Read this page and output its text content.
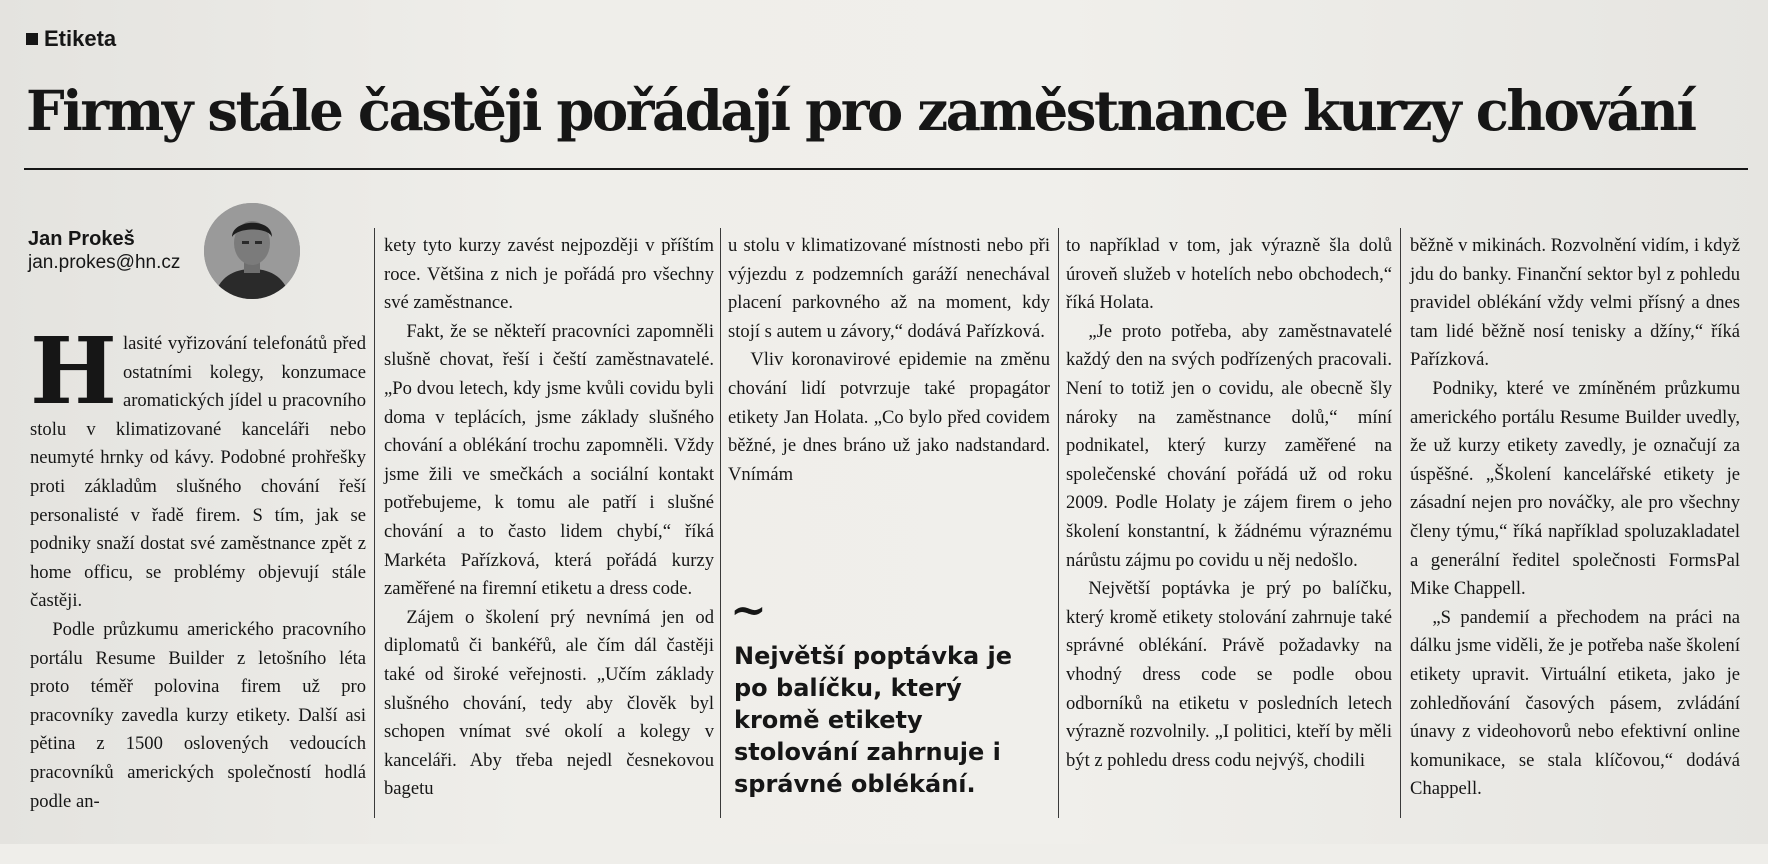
Etiketa
Firmy stále častěji pořádají pro zaměstnance kurzy chování
Jan Prokeš
jan.prokes@hn.cz

Hlasité vyřizování telefonátů před ostatními kolegy, konzumace aromatických jídel u pracovního stolu v klimatizované kanceláři nebo neumyté hrnky od kávy. Podobné prohřešky proti základům slušného chování řeší personalisté v řadě firem. S tím, jak se podniky snaží dostat své zaměstnance zpět z home officu, se problémy objevují stále častěji.

Podle průzkumu amerického pracovního portálu Resume Builder z letošního léta proto téměř polovina firem už pro pracovníky zavedla kurzy etikety. Další asi pětina z 1500 oslovených vedoucích pracovníků amerických společností hodlá podle an-

kety tyto kurzy zavést nejpozději v příštím roce. Většina z nich je pořádá pro všechny své zaměstnance.

Fakt, že se někteří pracovníci zapomněli slušně chovat, řeší i čeští zaměstnavatelé. „Po dvou letech, kdy jsme kvůli covidu byli doma v teplácích, jsme základy slušného chování a oblékání trochu zapomněli. Vždy jsme žili ve smečkách a sociální kontakt potřebujeme, k tomu ale patří i slušné chování a to často lidem chybí,“ říká Markéta Pařízková, která pořádá kurzy zaměřené na firemní etiketu a dress code.

Zájem o školení prý nevnímá jen od diplomatů či bankéřů, ale čím dál častěji také od široké veřejnosti. „Učím základy slušného chování, tedy aby člověk byl schopen vnímat své okolí a kolegy v kanceláři. Aby třeba nejedl česnekovou bagetu

u stolu v klimatizované místnosti nebo při výjezdu z podzemních garáží nenechával placení parkovného až na moment, kdy stojí s autem u závory,“ dodává Pařízková.

Vliv koronavirové epidemie na změnu chování lidí potvrzuje také propagátor etikety Jan Holata. „Co bylo před covidem běžné, je dnes bráno už jako nadstandard. Vnímám

~

Největší poptávka je po balíčku, který kromě etikety stolování zahrnuje i správné oblékání.

to například v tom, jak výrazně šla dolů úroveň služeb v hotelích nebo obchodech,“ říká Holata.

„Je proto potřeba, aby zaměstnavatelé každý den na svých podřízených pracovali. Není to totiž jen o covidu, ale obecně šly nároky na zaměstnance dolů,“ míní podnikatel, který kurzy zaměřené na společenské chování pořádá už od roku 2009. Podle Holaty je zájem firem o jeho školení konstantní, k žádnému výraznému nárůstu zájmu po covidu u něj nedošlo.

Největší poptávka je prý po balíčku, který kromě etikety stolování zahrnuje také správné oblékání. Právě požadavky na vhodný dress code se podle obou odborníků na etiketu v posledních letech výrazně rozvolnily. „I politici, kteří by měli být z pohledu dress codu nejvýš, chodili

běžně v mikinách. Rozvolnění vidím, i když jdu do banky. Finanční sektor byl z pohledu pravidel oblékání vždy velmi přísný a dnes tam lidé běžně nosí tenisky a džíny,“ říká Pařízková.

Podniky, které ve zmíněném průzkumu amerického portálu Resume Builder uvedly, že už kurzy etikety zavedly, je označují za úspěšné. „Školení kancelářské etikety je zásadní nejen pro nováčky, ale pro všechny členy týmu,“ říká například spoluzakladatel a generální ředitel společnosti FormsPal Mike Chappell.

„S pandemií a přechodem na práci na dálku jsme viděli, že je potřeba naše školení etikety upravit. Virtuální etiketa, jako je zohledňování časových pásem, zvládání únavy z videohovorů nebo efektivní online komunikace, se stala klíčovou,“ dodává Chappell.
